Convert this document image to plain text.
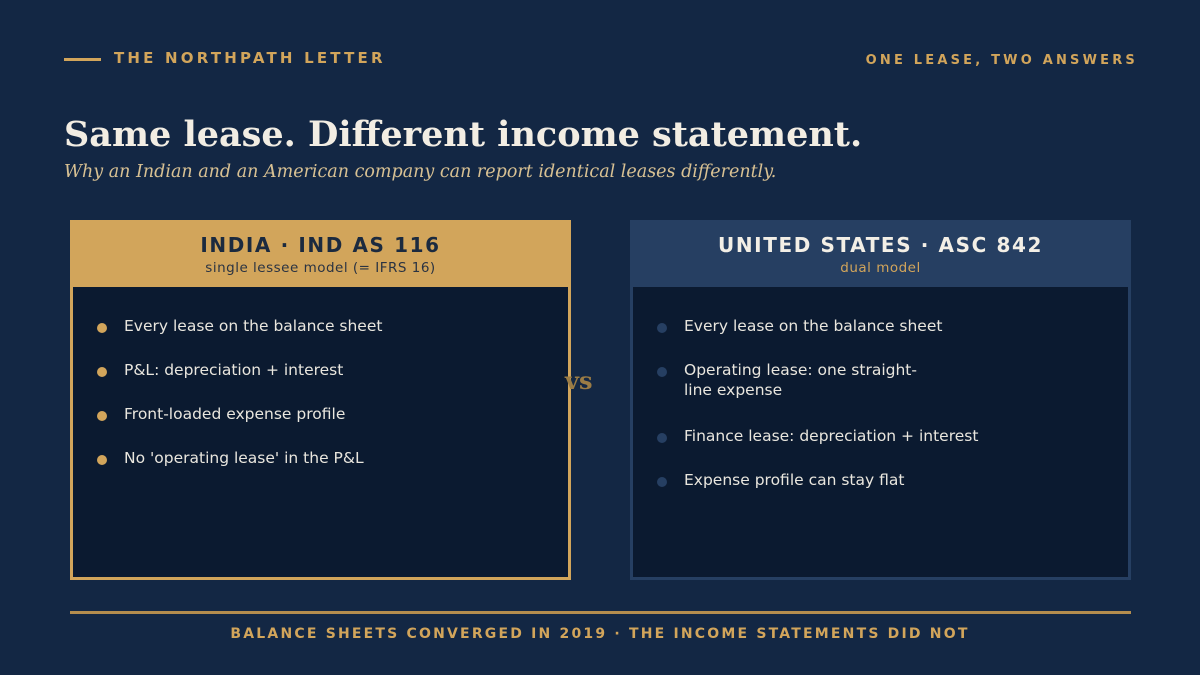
THE NORTHPATH LETTER	ONE LEASE, TWO ANSWERS
Same lease. Different income statement.
Why an Indian and an American company can report identical leases differently.
INDIA · IND AS 116
single lessee model (= IFRS 16)
Every lease on the balance sheet
P&L: depreciation + interest
Front-loaded expense profile
No 'operating lease' in the P&L
vs
UNITED STATES · ASC 842
dual model
Every lease on the balance sheet
Operating lease: one straight-line expense
Finance lease: depreciation + interest
Expense profile can stay flat
BALANCE SHEETS CONVERGED IN 2019 · THE INCOME STATEMENTS DID NOT
